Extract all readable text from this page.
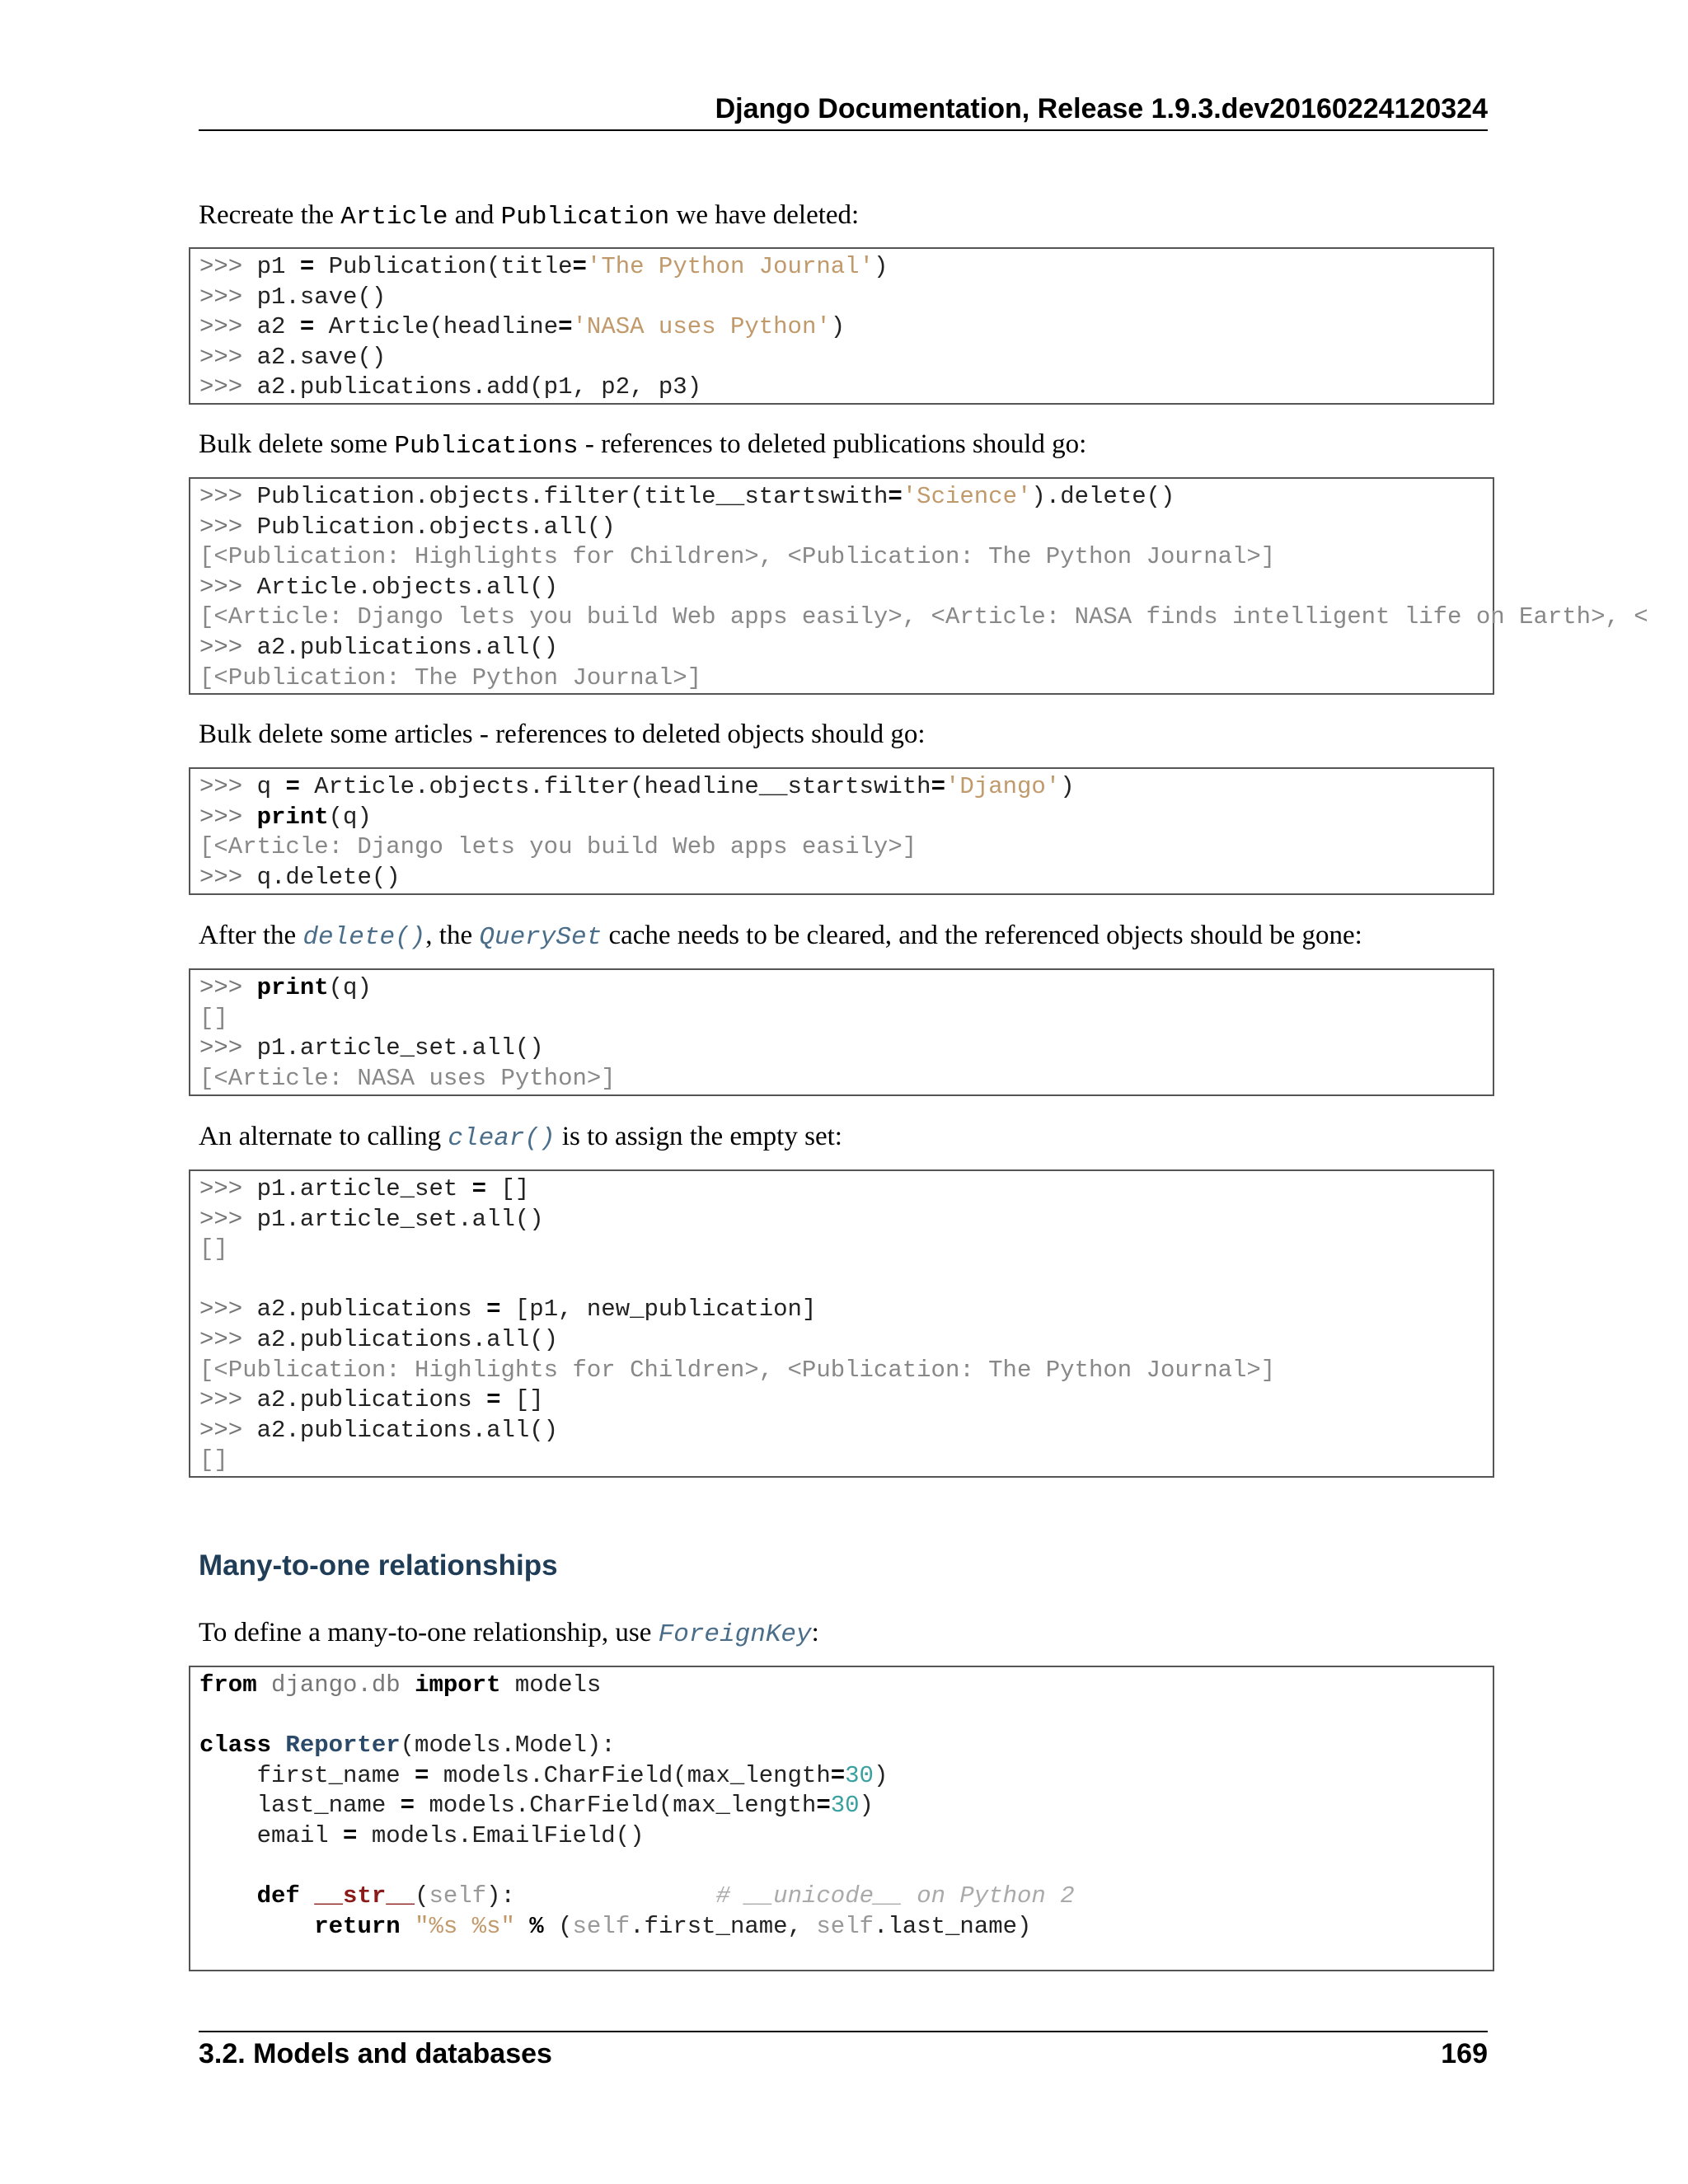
Django Documentation, Release 1.9.3.dev20160224120324
Recreate the Article and Publication we have deleted:
>>> p1 = Publication(title='The Python Journal')
>>> p1.save()
>>> a2 = Article(headline='NASA uses Python')
>>> a2.save()
>>> a2.publications.add(p1, p2, p3)
Bulk delete some Publications - references to deleted publications should go:
>>> Publication.objects.filter(title__startswith='Science').delete()
>>> Publication.objects.all()
[<Publication: Highlights for Children>, <Publication: The Python Journal>]
>>> Article.objects.all()
[<Article: Django lets you build Web apps easily>, <Article: NASA finds intelligent life on Earth>, <
>>> a2.publications.all()
[<Publication: The Python Journal>]
Bulk delete some articles - references to deleted objects should go:
>>> q = Article.objects.filter(headline__startswith='Django')
>>> print(q)
[<Article: Django lets you build Web apps easily>]
>>> q.delete()
After the delete(), the QuerySet cache needs to be cleared, and the referenced objects should be gone:
>>> print(q)
[]
>>> p1.article_set.all()
[<Article: NASA uses Python>]
An alternate to calling clear() is to assign the empty set:
>>> p1.article_set = []
>>> p1.article_set.all()
[]

>>> a2.publications = [p1, new_publication]
>>> a2.publications.all()
[<Publication: Highlights for Children>, <Publication: The Python Journal>]
>>> a2.publications = []
>>> a2.publications.all()
[]
Many-to-one relationships
To define a many-to-one relationship, use ForeignKey:
from django.db import models

class Reporter(models.Model):
first_name = models.CharField(max_length=30)
last_name = models.CharField(max_length=30)
email = models.EmailField()

def __str__(self):	# __unicode__ on Python 2
return "%s %s" % (self.first_name, self.last_name)
3.2. Models and databases	169
